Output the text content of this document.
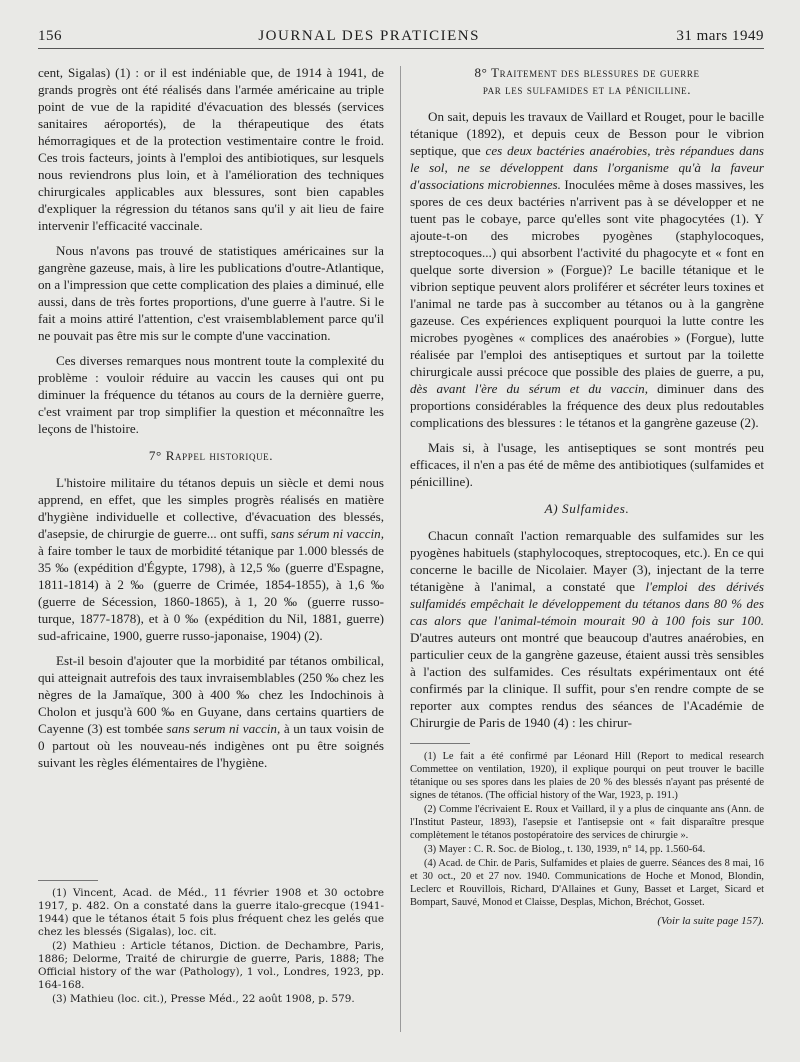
156	JOURNAL DES PRATICIENS	31 mars 1949

cent, Sigalas) (1) : or il est indéniable que, de 1914 à 1941, de grands progrès ont été réalisés dans l'armée américaine au triple point de vue de la rapidité d'évacuation des blessés (services sanitaires aéroportés), de la thérapeutique des états hémorragiques et de la protection vestimentaire contre le froid. Ces trois facteurs, joints à l'emploi des antibiotiques, sur lesquels nous reviendrons plus loin, et à l'amélioration des techniques chirurgicales applicables aux blessures, sont bien capables d'expliquer la régression du tétanos sans qu'il y ait lieu de faire intervenir l'efficacité vaccinale.

Nous n'avons pas trouvé de statistiques américaines sur la gangrène gazeuse, mais, à lire les publications d'outre-Atlantique, on a l'impression que cette complication des plaies a diminué, elle aussi, dans de très fortes proportions, d'une guerre à l'autre. Si le fait a moins attiré l'attention, c'est vraisemblablement parce qu'il ne pouvait pas être mis sur le compte d'une vaccination.

Ces diverses remarques nous montrent toute la complexité du problème : vouloir réduire au vaccin les causes qui ont pu diminuer la fréquence du tétanos au cours de la dernière guerre, c'est vraiment par trop simplifier la question et méconnaître les leçons de l'histoire.

7° Rappel historique.

L'histoire militaire du tétanos depuis un siècle et demi nous apprend, en effet, que les simples progrès réalisés en matière d'hygiène individuelle et collective, d'évacuation des blessés, d'asepsie, de chirurgie de guerre... ont suffi, sans sérum ni vaccin, à faire tomber le taux de morbidité tétanique par 1.000 blessés de 35 ‰ (expédition d'Égypte, 1798), à 12,5 ‰ (guerre d'Espagne, 1811-1814) à 2 ‰ (guerre de Crimée, 1854-1855), à 1,6 ‰ (guerre de Sécession, 1860-1865), à 1, 20 ‰ (guerre russo-turque, 1877-1878), et à 0 ‰ (expédition du Nil, 1881, guerre) sud-africaine, 1900, guerre russo-japonaise, 1904) (2).

Est-il besoin d'ajouter que la morbidité par tétanos ombilical, qui atteignait autrefois des taux invraisemblables (250 ‰ chez les nègres de la Jamaïque, 300 à 400 ‰ chez les Indochinois à Cholon et jusqu'à 600 ‰ en Guyane, dans certains quartiers de Cayenne (3) est tombée sans serum ni vaccin, à un taux voisin de 0 partout où les nouveau-nés indigènes ont pu être soignés suivant les règles élémentaires de l'hygiène.

(1) Vincent, Acad. de Méd., 11 février 1908 et 30 octobre 1917, p. 482. On a constaté dans la guerre italo-grecque (1941-1944) que le tétanos était 5 fois plus fréquent chez les gelés que chez les blessés (Sigalas), loc. cit.

(2) Mathieu : Article tétanos, Diction. de Dechambre, Paris, 1886; Delorme, Traité de chirurgie de guerre, Paris, 1888; The Official history of the war (Pathology), 1 vol., Londres, 1923, pp. 164-168.

(3) Mathieu (loc. cit.), Presse Méd., 22 août 1908, p. 579.

8° Traitement des blessures de guerre
par les sulfamides et la pénicilline.

On sait, depuis les travaux de Vaillard et Rouget, pour le bacille tétanique (1892), et depuis ceux de Besson pour le vibrion septique, que ces deux bactéries anaérobies, très répandues dans le sol, ne se développent dans l'organisme qu'à la faveur d'associations microbiennes. Inoculées même à doses massives, les spores de ces deux bactéries n'arrivent pas à se développer et ne tuent pas le cobaye, parce qu'elles sont vite phagocytées (1). Y ajoute-t-on des microbes pyogènes (staphylocoques, streptocoques...) qui absorbent l'activité du phagocyte et « font en quelque sorte diversion » (Forgue)? Le bacille tétanique et le vibrion septique peuvent alors proliférer et sécréter leurs toxines et l'animal ne tarde pas à succomber au tétanos ou à la gangrène gazeuse. Ces expériences expliquent pourquoi la lutte contre les microbes pyogènes « complices des anaérobies » (Forgue), lutte réalisée par l'emploi des antiseptiques et surtout par la toilette chirurgicale aussi précoce que possible des plaies de guerre, a pu, dès avant l'ère du sérum et du vaccin, diminuer dans des proportions considérables la fréquence des deux plus redoutables complications des blessures : le tétanos et la gangrène gazeuse (2).

Mais si, à l'usage, les antiseptiques se sont montrés peu efficaces, il n'en a pas été de même des antibiotiques (sulfamides et pénicilline).

A) Sulfamides.

Chacun connaît l'action remarquable des sulfamides sur les pyogènes habituels (staphylocoques, streptocoques, etc.). En ce qui concerne le bacille de Nicolaier. Mayer (3), injectant de la terre tétanigène à l'animal, a constaté que l'emploi des dérivés sulfamidés empêchait le développement du tétanos dans 80 % des cas alors que l'animal-témoin mourait 90 à 100 fois sur 100. D'autres auteurs ont montré que beaucoup d'autres anaérobies, en particulier ceux de la gangrène gazeuse, étaient aussi très sensibles à l'action des sulfamides. Ces résultats expérimentaux ont été confirmés par la clinique. Il suffit, pour s'en rendre compte de se reporter aux comptes rendus des séances de l'Académie de Chirurgie de Paris de 1940 (4) : les chirur-

(1) Le fait a été confirmé par Léonard Hill (Report to medical research Commettee on ventilation, 1920), il explique pourqui on peut trouver le bacille tétanique ou ses spores dans les plaies de 20 % des blessés n'ayant pas présenté de signes de tétanos. (The official history of the War, 1923, p. 191.)

(2) Comme l'écrivaient E. Roux et Vaillard, il y a plus de cinquante ans (Ann. de l'Institut Pasteur, 1893), l'asepsie et l'antisepsie ont « fait disparaître presque complètement le tétanos postopératoire des services de chirurgie ».

(3) Mayer : C. R. Soc. de Biolog., t. 130, 1939, n° 14, pp. 1.560-64.

(4) Acad. de Chir. de Paris, Sulfamides et plaies de guerre. Séances des 8 mai, 16 et 30 oct., 20 et 27 nov. 1940. Communications de Hoche et Monod, Blondin, Leclerc et Rouvillois, Richard, D'Allaines et Guny, Basset et Larget, Sicard et Bompart, Sauvé, Monod et Claisse, Desplas, Michon, Bréchot, Gosset.

(Voir la suite page 157).
